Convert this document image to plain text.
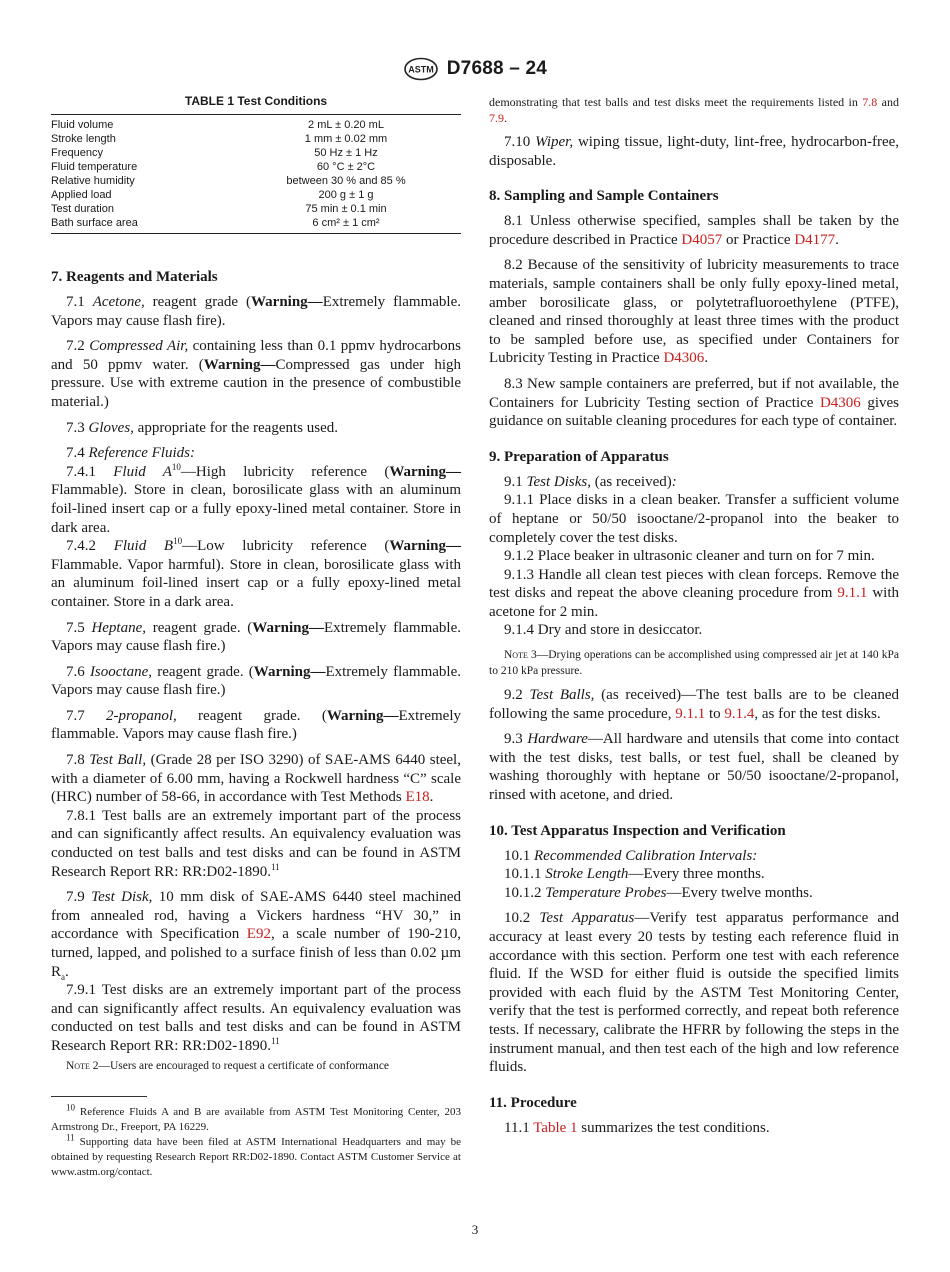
ASTM D7688 – 24
TABLE 1 Test Conditions
Fluid volume	2 mL ± 0.20 mL
Stroke length	1 mm ± 0.02 mm
Frequency	50 Hz ± 1 Hz
Fluid temperature	60 °C ± 2°C
Relative humidity	between 30 % and 85 %
Applied load	200 g ± 1 g
Test duration	75 min ± 0.1 min
Bath surface area	6 cm² ± 1 cm²
7. Reagents and Materials

7.1 Acetone, reagent grade (Warning—Extremely flammable. Vapors may cause flash fire).

7.2 Compressed Air, containing less than 0.1 ppmv hydrocarbons and 50 ppmv water. (Warning—Compressed gas under high pressure. Use with extreme caution in the presence of combustible material.)

7.3 Gloves, appropriate for the reagents used.

7.4 Reference Fluids:

7.4.1 Fluid $A^{10}—High$ lubricity reference (Warning—Flammable). Store in clean, borosilicate glass with an aluminum foil-lined insert cap or a fully epoxy-lined metal container. Store in dark area.

7.4.2 Fluid $B^{10}—Low$ lubricity reference (Warning—Flammable. Vapor harmful). Store in clean, borosilicate glass with an aluminum foil-lined insert cap or a fully epoxy-lined metal container. Store in a dark area.

7.5 Heptane, reagent grade. (Warning—Extremely flammable. Vapors may cause flash fire.)

7.6 Isooctane, reagent grade. (Warning—Extremely flammable. Vapors may cause flash fire.)

7.7 2-propanol, reagent grade. (Warning—Extremely flammable. Vapors may cause flash fire.)

7.8 Test Ball, (Grade 28 per ISO 3290) of SAE-AMS 6440 steel, with a diameter of 6.00 mm, having a Rockwell hardness “C” scale (HRC) number of 58-66, in accordance with Test Methods E18.

7.8.1 Test balls are an extremely important part of the process and can significantly affect results. An equivalency evaluation was conducted on test balls and test disks and can be found in ASTM Research Report RR: RR:D02-1890.11

7.9 Test Disk, 10 mm disk of SAE-AMS 6440 steel machined from annealed rod, having a Vickers hardness “HV 30,” in accordance with Specification E92, a scale number of 190-210, turned, lapped, and polished to a surface finish of less than 0.02 µm $R_a$.

7.9.1 Test disks are an extremely important part of the process and can significantly affect results. An equivalency evaluation was conducted on test balls and test disks and can be found in ASTM Research Report RR: RR:D02-1890.11

Note 2—Users are encouraged to request a certificate of conformance

$^{10}$ Reference Fluids A and B are available from ASTM Test Monitoring Center, 203 Armstrong Dr., Freeport, PA 16229.

$^{11}$ Supporting data have been filed at ASTM International Headquarters and may be obtained by requesting Research Report RR:D02-1890. Contact ASTM Customer Service at www.astm.org/contact.

demonstrating that test balls and test disks meet the requirements listed in 7.8 and 7.9.

7.10 Wiper, wiping tissue, light-duty, lint-free, hydrocarbon-free, disposable.

8. Sampling and Sample Containers

8.1 Unless otherwise specified, samples shall be taken by the procedure described in Practice D4057 or Practice D4177.

8.2 Because of the sensitivity of lubricity measurements to trace materials, sample containers shall be only fully epoxy-lined metal, amber borosilicate glass, or polytetrafluoroethylene (PTFE), cleaned and rinsed thoroughly at least three times with the product to be sampled before use, as specified under Containers for Lubricity Testing in Practice D4306.

8.3 New sample containers are preferred, but if not available, the Containers for Lubricity Testing section of Practice D4306 gives guidance on suitable cleaning procedures for each type of container.

9. Preparation of Apparatus

9.1 Test Disks, (as received):

9.1.1 Place disks in a clean beaker. Transfer a sufficient volume of heptane or 50/50 isooctane/2-propanol into the beaker to completely cover the test disks.

9.1.2 Place beaker in ultrasonic cleaner and turn on for 7 min.

9.1.3 Handle all clean test pieces with clean forceps. Remove the test disks and repeat the above cleaning procedure from 9.1.1 with acetone for 2 min.

9.1.4 Dry and store in desiccator.

Note 3—Drying operations can be accomplished using compressed air jet at 140 kPa to 210 kPa pressure.

9.2 Test Balls, (as received)—The test balls are to be cleaned following the same procedure, 9.1.1 to 9.1.4, as for the test disks.

9.3 Hardware—All hardware and utensils that come into contact with the test disks, test balls, or test fuel, shall be cleaned by washing thoroughly with heptane or 50/50 isooctane/2-propanol, rinsed with acetone, and dried.

10. Test Apparatus Inspection and Verification

10.1 Recommended Calibration Intervals:

10.1.1 Stroke Length—Every three months.

10.1.2 Temperature Probes—Every twelve months.

10.2 Test Apparatus—Verify test apparatus performance and accuracy at least every 20 tests by testing each reference fluid in accordance with this section. Perform one test with each reference fluid. If the WSD for either fluid is outside the specified limits provided with each fluid by the ASTM Test Monitoring Center, verify that the test is performed correctly, and repeat both reference tests. If necessary, calibrate the HFRR by following the steps in the instrument manual, and then test each of the high and low reference fluids.

11. Procedure

11.1 Table 1 summarizes the test conditions.

3
